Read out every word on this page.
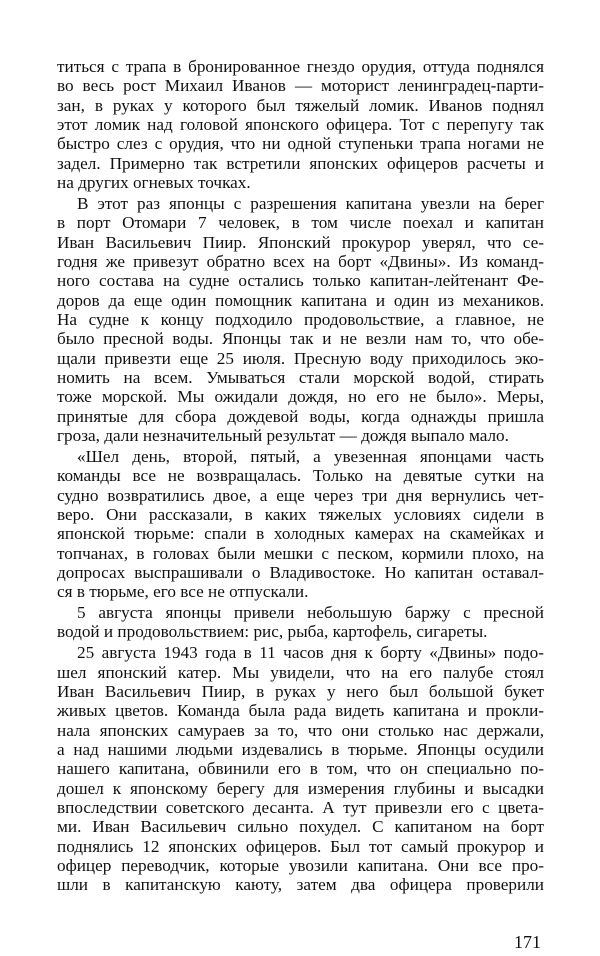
титься с трапа в бронированное гнездо орудия, оттуда поднялся
во весь рост Михаил Иванов — моторист ленинградец-парти-
зан, в руках у которого был тяжелый ломик. Иванов поднял
этот ломик над головой японского офицера. Тот с перепугу так
быстро слез с орудия, что ни одной ступеньки трапа ногами не
задел. Примерно так встретили японских офицеров расчеты и
на других огневых точках.
В этот раз японцы с разрешения капитана увезли на берег
в порт Отомари 7 человек, в том числе поехал и капитан
Иван Васильевич Пиир. Японский прокурор уверял, что се-
годня же привезут обратно всех на борт «Двины». Из команд-
ного состава на судне остались только капитан-лейтенант Фе-
доров да еще один помощник капитана и один из механиков.
На судне к концу подходило продовольствие, а главное, не
было пресной воды. Японцы так и не везли нам то, что обе-
щали привезти еще 25 июля. Пресную воду приходилось эко-
номить на всем. Умываться стали морской водой, стирать
тоже морской. Мы ожидали дождя, но его не было». Меры,
принятые для сбора дождевой воды, когда однажды пришла
гроза, дали незначительный результат — дождя выпало мало.
«Шел день, второй, пятый, а увезенная японцами часть
команды все не возвращалась. Только на девятые сутки на
судно возвратились двое, а еще через три дня вернулись чет-
веро. Они рассказали, в каких тяжелых условиях сидели в
японской тюрьме: спали в холодных камерах на скамейках и
топчанах, в головах были мешки с песком, кормили плохо, на
допросах выспрашивали о Владивостоке. Но капитан оставал-
ся в тюрьме, его все не отпускали.
5 августа японцы привели небольшую баржу с пресной
водой и продовольствием: рис, рыба, картофель, сигареты.
25 августа 1943 года в 11 часов дня к борту «Двины» подо-
шел японский катер. Мы увидели, что на его палубе стоял
Иван Васильевич Пиир, в руках у него был большой букет
живых цветов. Команда была рада видеть капитана и прокли-
нала японских самураев за то, что они столько нас держали,
а над нашими людьми издевались в тюрьме. Японцы осудили
нашего капитана, обвинили его в том, что он специально по-
дошел к японскому берегу для измерения глубины и высадки
впоследствии советского десанта. А тут привезли его с цвета-
ми. Иван Васильевич сильно похудел. С капитаном на борт
поднялись 12 японских офицеров. Был тот самый прокурор и
офицер переводчик, которые увозили капитана. Они все про-
шли в капитанскую каюту, затем два офицера проверили
171
